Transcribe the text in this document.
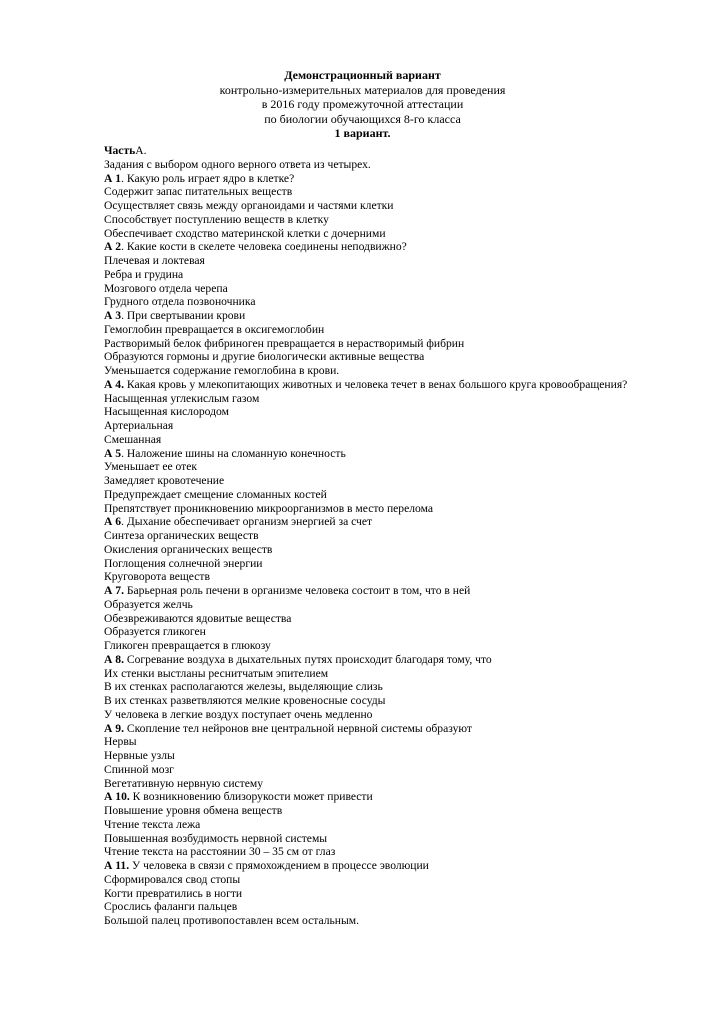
Демонстрационный вариант
контрольно-измерительных материалов для проведения
в 2016 году промежуточной аттестации
по биологии обучающихся 8-го класса
1 вариант.
ЧастьА.
Задания с выбором одного верного ответа из четырех.
А 1. Какую роль играет ядро в клетке?
Содержит запас питательных веществ
Осуществляет связь между органоидами и частями клетки
Способствует поступлению веществ в клетку
Обеспечивает сходство материнской клетки с дочерними
А 2. Какие кости в скелете человека соединены неподвижно?
Плечевая и локтевая
Ребра и грудина
Мозгового отдела черепа
Грудного отдела позвоночника
А 3. При свертывании крови
Гемоглобин превращается в оксигемоглобин
Растворимый белок фибриноген превращается в нерастворимый фибрин
Образуются гормоны и другие биологически активные вещества
Уменьшается содержание гемоглобина в крови.
А 4. Какая кровь у млекопитающих животных и человека течет в венах большого круга кровообращения?
Насыщенная углекислым газом
Насыщенная кислородом
Артериальная
Смешанная
А 5. Наложение шины на сломанную конечность
Уменьшает ее отек
Замедляет кровотечение
Предупреждает смещение сломанных костей
Препятствует проникновению микроорганизмов в место перелома
А 6. Дыхание обеспечивает организм энергией за счет
Синтеза органических веществ
Окисления органических веществ
Поглощения солнечной энергии
Круговорота веществ
А 7. Барьерная роль печени в организме человека состоит в том, что в ней
Образуется желчь
Обезвреживаются ядовитые вещества
Образуется гликоген
Гликоген превращается в глюкозу
А 8. Согревание воздуха в дыхательных путях происходит благодаря тому, что
Их стенки выстланы реснитчатым эпителием
В их стенках располагаются железы, выделяющие слизь
В их стенках разветвляются мелкие кровеносные сосуды
У человека в легкие воздух поступает очень медленно
А 9. Скопление тел нейронов вне центральной нервной системы образуют
Нервы
Нервные узлы
Спинной мозг
Вегетативную нервную систему
А 10. К возникновению близорукости может привести
Повышение уровня обмена веществ
Чтение текста лежа
Повышенная возбудимость нервной системы
Чтение текста на расстоянии 30 – 35 см от глаз
А 11. У человека в связи с прямохождением в процессе эволюции
Сформировался свод стопы
Когти превратились в ногти
Срослись фаланги пальцев
Большой палец противопоставлен всем остальным.
